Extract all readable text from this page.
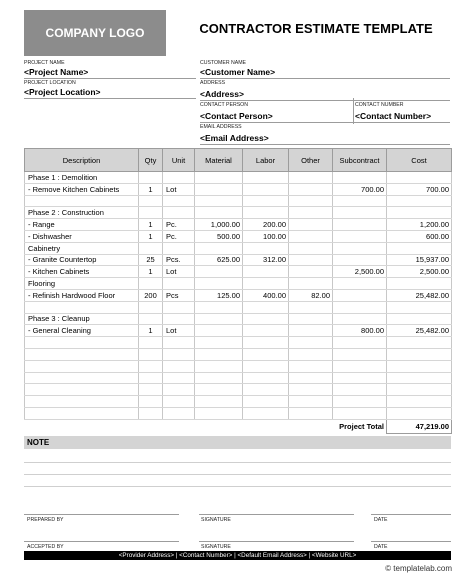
COMPANY LOGO	CONTRACTOR ESTIMATE TEMPLATE
PROJECT NAME
<Project Name>
PROJECT LOCATION
<Project Location>
CUSTOMER NAME
<Customer Name>
ADDRESS
<Address>
CONTACT PERSON
<Contact Person>
CONTACT NUMBER
<Contact Number>
EMAIL ADDRESS
<Email Address>
Description	Qty	Unit	Material	Labor	Other	Subcontract	Cost
Phase 1 : Demolition							
- Remove Kitchen Cabinets	1	Lot				700.00	700.00

Phase 2 : Construction							
- Range	1	Pc.	1,000.00	200.00			1,200.00
- Dishwasher	1	Pc.	500.00	100.00			600.00
Cabinetry							
- Granite Countertop	25	Pcs.	625.00	312.00			15,937.00
- Kitchen Cabinets	1	Lot				2,500.00	2,500.00
Flooring							
- Refinish Hardwood Floor	200	Pcs	125.00	400.00	82.00		25,482.00

Phase 3 : Cleanup							
- General Cleaning	1	Lot				800.00	25,482.00

Project Total							47,219.00
NOTE
PREPARED BY	SIGNATURE	DATE
ACCEPTED BY	SIGNATURE	DATE
<Provider Address> | <Contact Number> | <Default Email Address> | <Website URL>
© templatelab.com
